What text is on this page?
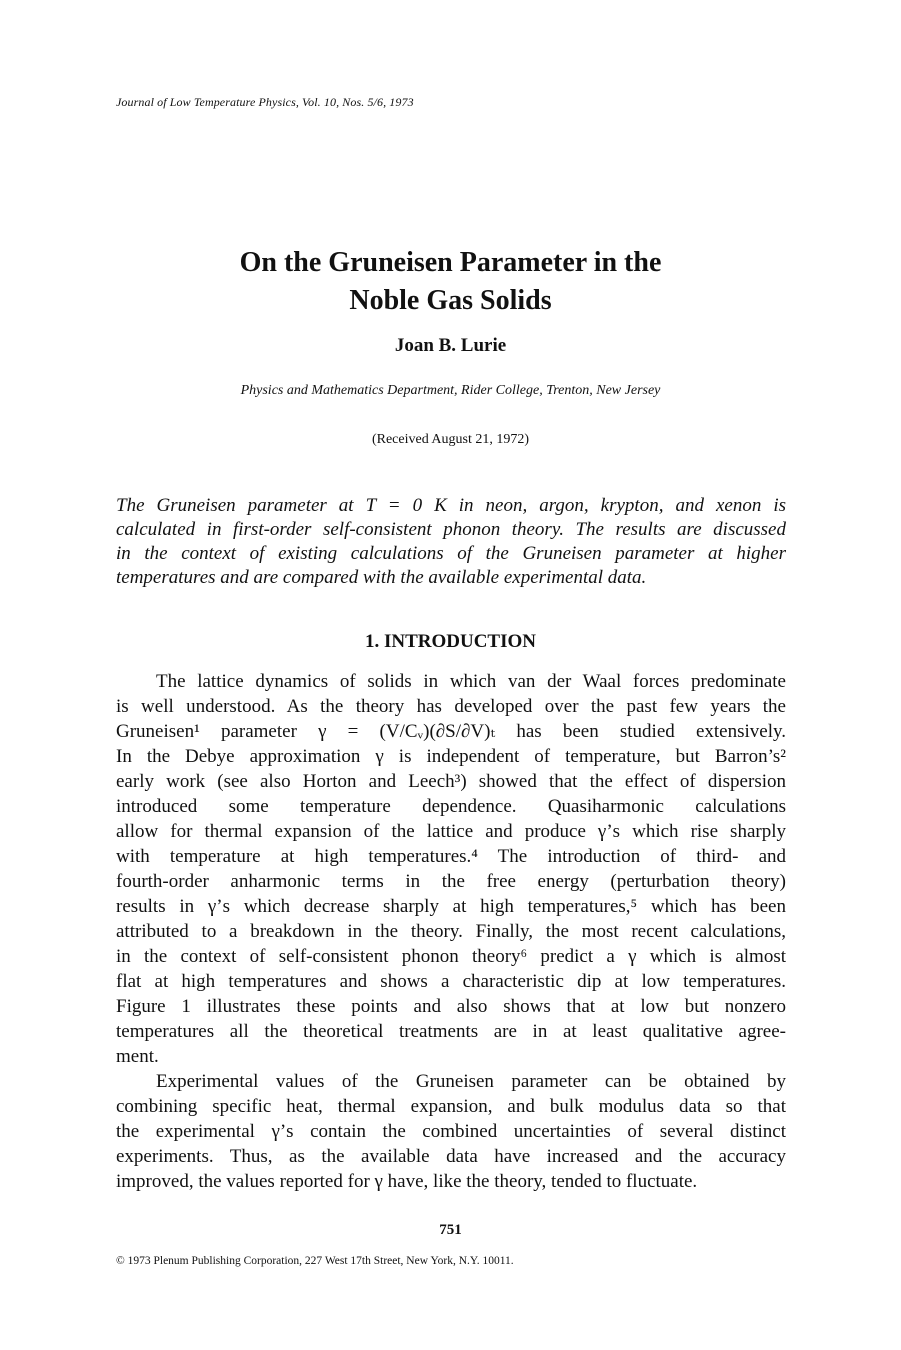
Journal of Low Temperature Physics, Vol. 10, Nos. 5/6, 1973
On the Gruneisen Parameter in the
Noble Gas Solids
Joan B. Lurie
Physics and Mathematics Department, Rider College, Trenton, New Jersey
(Received August 21, 1972)
The Gruneisen parameter at T = 0 K in neon, argon, krypton, and xenon is
calculated in first-order self-consistent phonon theory. The results are discussed
in the context of existing calculations of the Gruneisen parameter at higher
temperatures and are compared with the available experimental data.
1. INTRODUCTION
The lattice dynamics of solids in which van der Waal forces predominate
is well understood. As the theory has developed over the past few years the
Gruneisen¹ parameter γ = (V/Cᵥ)(∂S/∂V)ₜ has been studied extensively.
In the Debye approximation γ is independent of temperature, but Barron’s²
early work (see also Horton and Leech³) showed that the effect of dispersion
introduced some temperature dependence. Quasiharmonic calculations
allow for thermal expansion of the lattice and produce γ’s which rise sharply
with temperature at high temperatures.⁴ The introduction of third- and
fourth-order anharmonic terms in the free energy (perturbation theory)
results in γ’s which decrease sharply at high temperatures,⁵ which has been
attributed to a breakdown in the theory. Finally, the most recent calculations,
in the context of self-consistent phonon theory⁶ predict a γ which is almost
flat at high temperatures and shows a characteristic dip at low temperatures.
Figure 1 illustrates these points and also shows that at low but nonzero
temperatures all the theoretical treatments are in at least qualitative agree-
ment.
Experimental values of the Gruneisen parameter can be obtained by
combining specific heat, thermal expansion, and bulk modulus data so that
the experimental γ’s contain the combined uncertainties of several distinct
experiments. Thus, as the available data have increased and the accuracy
improved, the values reported for γ have, like the theory, tended to fluctuate.
751
© 1973 Plenum Publishing Corporation, 227 West 17th Street, New York, N.Y. 10011.
